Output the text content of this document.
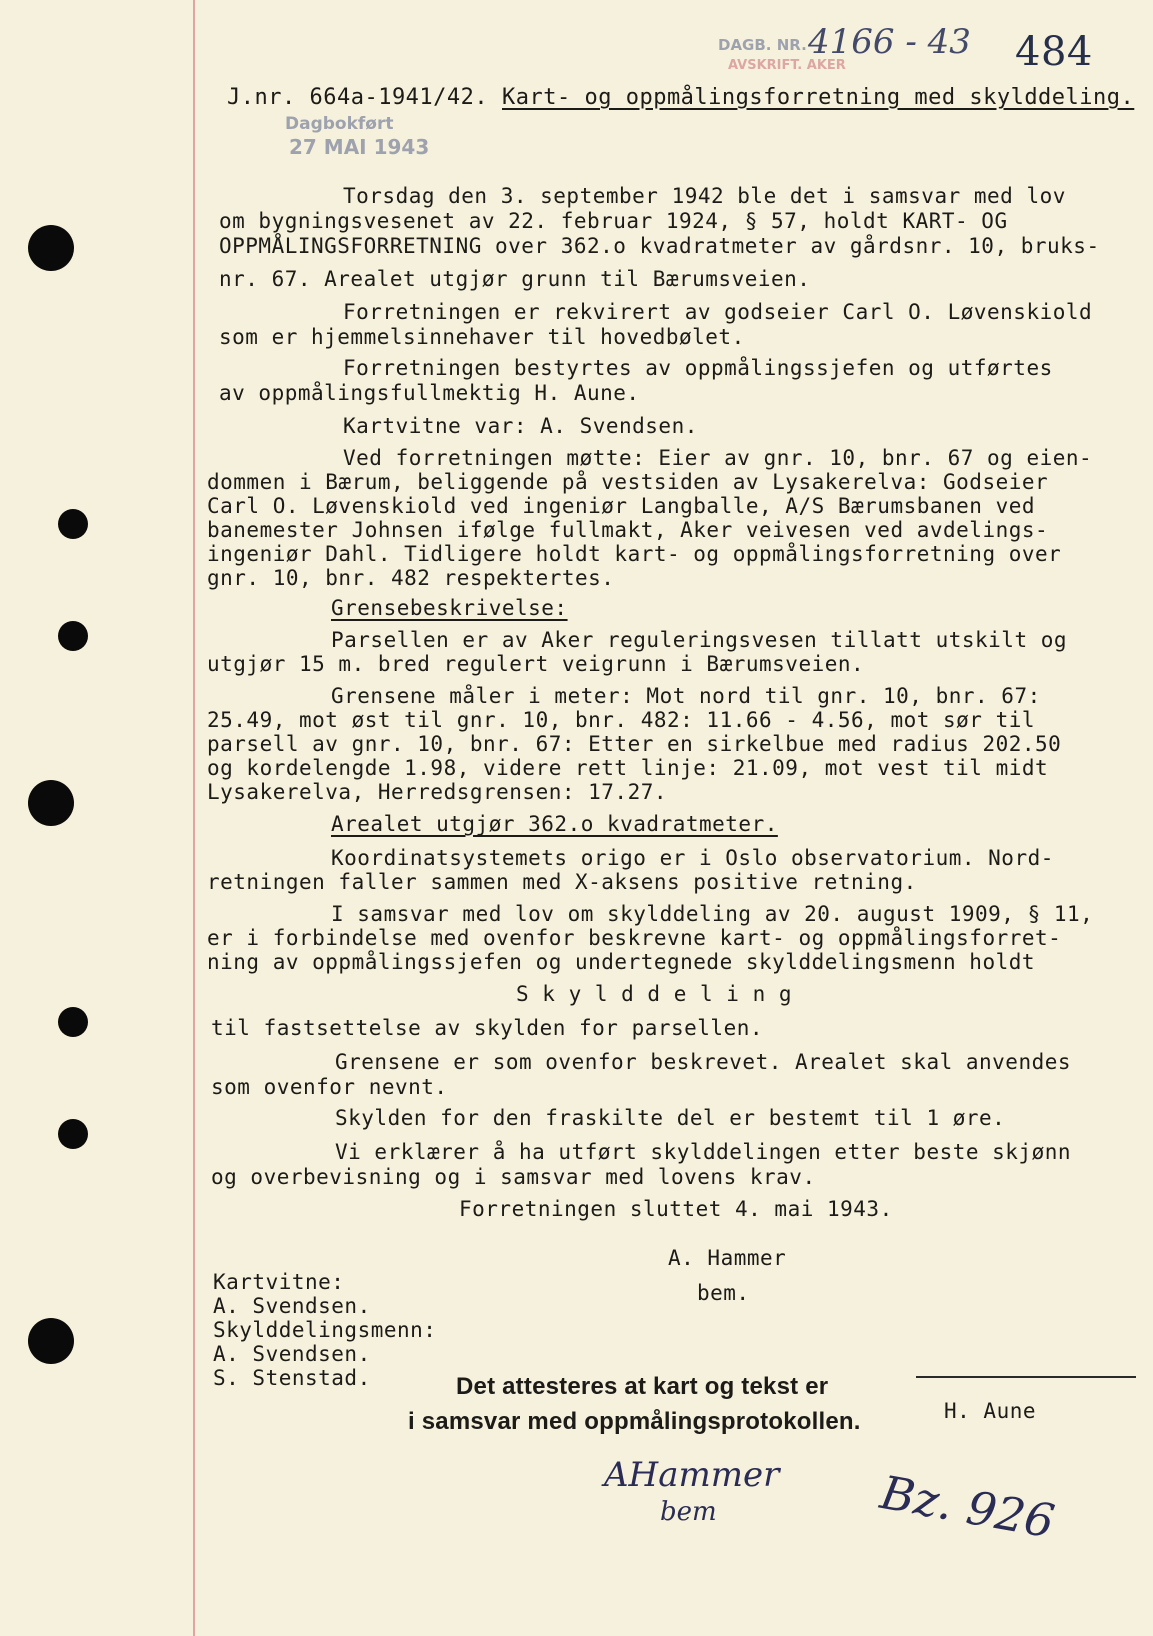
DAGB. NR. 4166 - 43
AVSKRIFT. AKER	484
Dagbokført
27 MAI 1943
J.nr. 664a-1941/42. Kart- og oppmålingsforretning med skylddeling.
Torsdag den 3. september 1942 ble det i samsvar med lov
om bygningsvesenet av 22. februar 1924, § 57, holdt KART- OG
OPPMÅLINGSFORRETNING over 362.o kvadratmeter av gårdsnr. 10, bruks-
nr. 67. Arealet utgjør grunn til Bærumsveien.
Forretningen er rekvirert av godseier Carl O. Løvenskiold
som er hjemmelsinnehaver til hovedbølet.
Forretningen bestyrtes av oppmålingssjefen og utførtes
av oppmålingsfullmektig H. Aune.
Kartvitne var: A. Svendsen.
Ved forretningen møtte: Eier av gnr. 10, bnr. 67 og eien-
dommen i Bærum, beliggende på vestsiden av Lysakerelva: Godseier
Carl O. Løvenskiold ved ingeniør Langballe, A/S Bærumsbanen ved
banemester Johnsen ifølge fullmakt, Aker veivesen ved avdelings-
ingeniør Dahl. Tidligere holdt kart- og oppmålingsforretning over
gnr. 10, bnr. 482 respektertes.
Grensebeskrivelse:
Parsellen er av Aker reguleringsvesen tillatt utskilt og
utgjør 15 m. bred regulert veigrunn i Bærumsveien.
Grensene måler i meter: Mot nord til gnr. 10, bnr. 67:
25.49, mot øst til gnr. 10, bnr. 482: 11.66 - 4.56, mot sør til
parsell av gnr. 10, bnr. 67: Etter en sirkelbue med radius 202.50
og kordelengde 1.98, videre rett linje: 21.09, mot vest til midt
Lysakerelva, Herredsgrensen: 17.27.
Arealet utgjør 362.o kvadratmeter.
Koordinatsystemets origo er i Oslo observatorium. Nord-
retningen faller sammen med X-aksens positive retning.
I samsvar med lov om skylddeling av 20. august 1909, § 11,
er i forbindelse med ovenfor beskrevne kart- og oppmålingsforret-
ning av oppmålingssjefen og undertegnede skylddelingsmenn holdt
S k y l d d e l i n g
til fastsettelse av skylden for parsellen.
Grensene er som ovenfor beskrevet. Arealet skal anvendes
som ovenfor nevnt.
Skylden for den fraskilte del er bestemt til 1 øre.
Vi erklærer å ha utført skylddelingen etter beste skjønn
og overbevisning og i samsvar med lovens krav.
Forretningen sluttet 4. mai 1943.
A. Hammer
bem.
Kartvitne:
A. Svendsen.
Skylddelingsmenn:
A. Svendsen.
S. Stenstad.	Det attesteres at kart og tekst er
i samsvar med oppmålingsprotokollen.	H. Aune
AHammer
bem	Bz. 926
